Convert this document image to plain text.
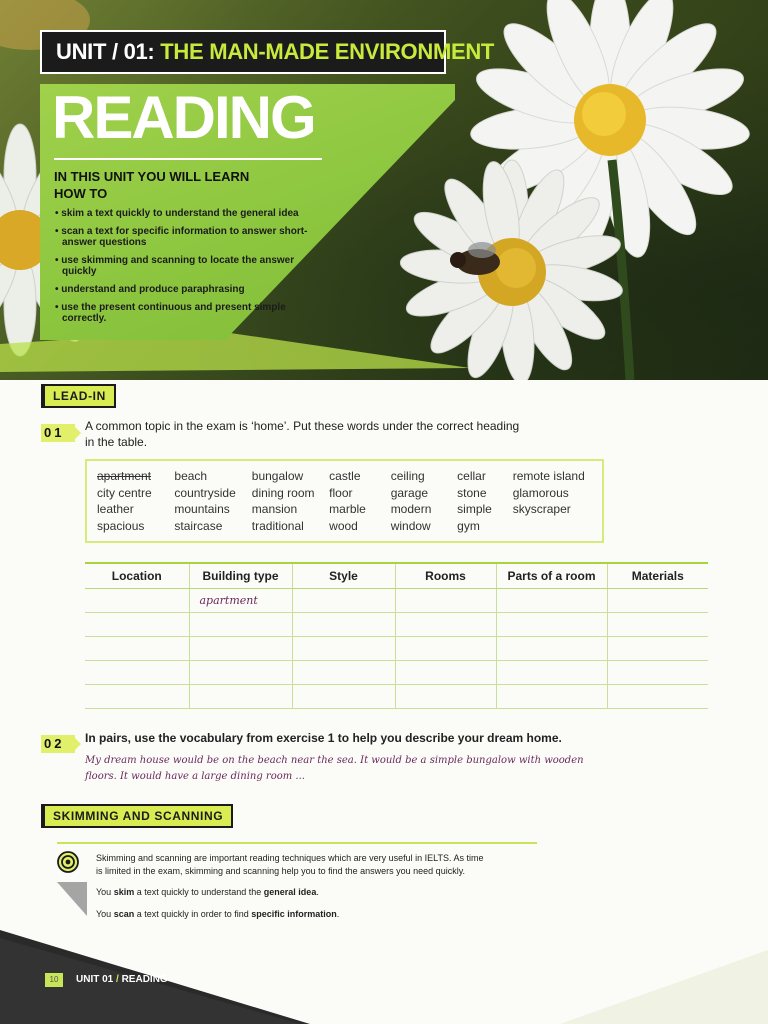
UNIT / 01: THE MAN-MADE ENVIRONMENT
READING
IN THIS UNIT YOU WILL LEARN HOW TO
• skim a text quickly to understand the general idea
• scan a text for specific information to answer short-answer questions
• use skimming and scanning to locate the answer quickly
• understand and produce paraphrasing
• use the present continuous and present simple correctly.
LEAD-IN
01	A common topic in the exam is ‘home’. Put these words under the correct heading in the table.
apartment	beach	bungalow	castle	ceiling	cellar	remote island
city centre	countryside	dining room	floor	garage	stone	glamorous
leather	mountains	mansion	marble	modern	simple	skyscraper
spacious	staircase	traditional	wood	window	gym
Location	Building type	Style	Rooms	Parts of a room	Materials
	apartment				

02	In pairs, use the vocabulary from exercise 1 to help you describe your dream home.
My dream house would be on the beach near the sea. It would be a simple bungalow with wooden
floors. It would have a large dining room ...
SKIMMING AND SCANNING
Skimming and scanning are important reading techniques which are very useful in IELTS. As time
is limited in the exam, skimming and scanning help you to find the answers you need quickly.
You skim a text quickly to understand the general idea.
You scan a text quickly in order to find specific information.
10	UNIT 01 / READING
